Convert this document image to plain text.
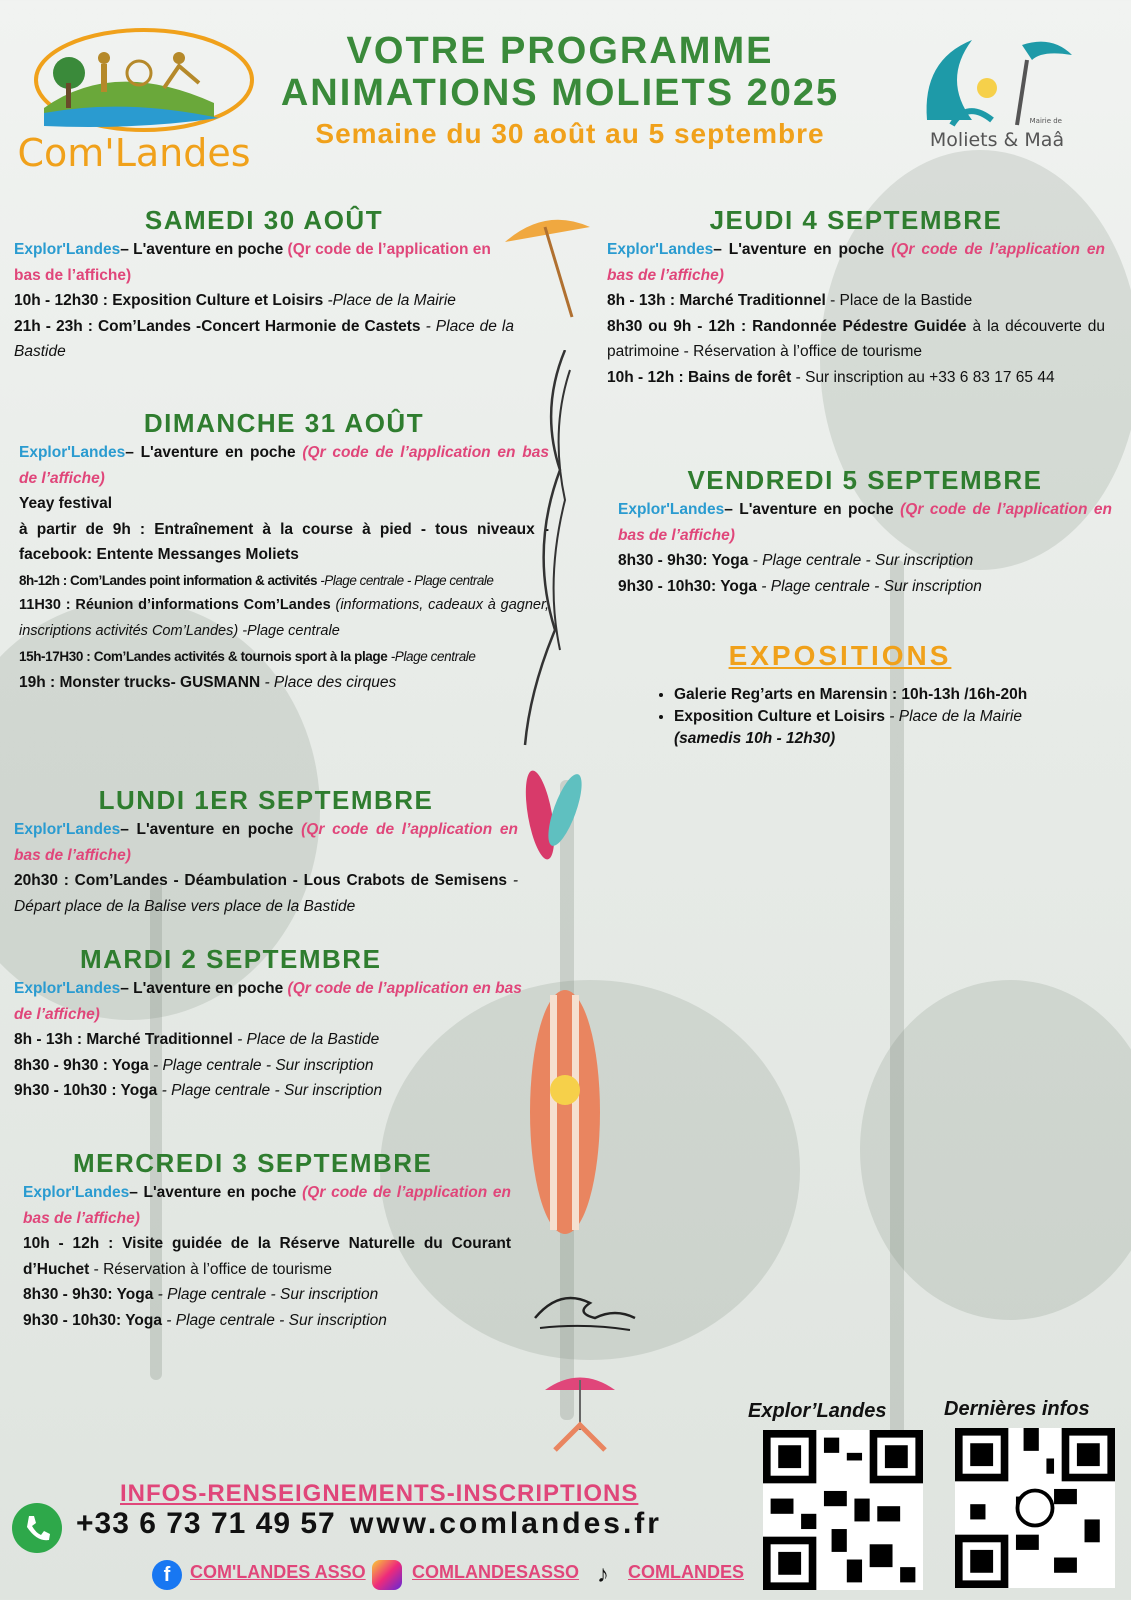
Com'Landes
VOTRE PROGRAMME
ANIMATIONS MOLIETS 2025
Semaine du 30 août au 5 septembre	Mairie de
Moliets & Maâ
SAMEDI 30 AOÛT

Explor'Landes– L'aventure en poche (Qr code de l’application en bas de l’affiche)

10h - 12h30 : Exposition Culture et Loisirs -Place de la Mairie

21h - 23h : Com’Landes -Concert Harmonie de Castets - Place de la Bastide

DIMANCHE 31 AOÛT

Explor'Landes– L'aventure en poche (Qr code de l’application en bas de l’affiche)

Yeay festival

à partir de 9h : Entraînement à la course à pied - tous niveaux - facebook: Entente Messanges Moliets

8h-12h : Com’Landes point information & activités -Plage centrale - Plage centrale

11H30 : Réunion d’informations Com’Landes (informations, cadeaux à gagner, inscriptions activités Com’Landes) -Plage centrale

15h-17H30 : Com’Landes activités & tournois sport à la plage -Plage centrale

19h : Monster trucks- GUSMANN - Place des cirques

LUNDI 1ER SEPTEMBRE

Explor'Landes– L'aventure en poche (Qr code de l’application en bas de l’affiche)

20h30 : Com’Landes - Déambulation - Lous Crabots de Semisens - Départ place de la Balise vers place de la Bastide

MARDI 2 SEPTEMBRE

Explor'Landes– L'aventure en poche (Qr code de l’application en bas de l’affiche)

8h - 13h : Marché Traditionnel - Place de la Bastide

8h30 - 9h30 : Yoga - Plage centrale - Sur inscription

9h30 - 10h30 : Yoga - Plage centrale - Sur inscription

MERCREDI 3 SEPTEMBRE

Explor'Landes– L'aventure en poche (Qr code de l’application en bas de l’affiche)

10h - 12h : Visite guidée de la Réserve Naturelle du Courant d’Huchet - Réservation à l’office de tourisme

8h30 - 9h30: Yoga - Plage centrale - Sur inscription

9h30 - 10h30: Yoga - Plage centrale - Sur inscription

JEUDI 4 SEPTEMBRE

Explor'Landes– L'aventure en poche (Qr code de l’application en bas de l’affiche)

8h - 13h : Marché Traditionnel - Place de la Bastide

8h30 ou 9h - 12h : Randonnée Pédestre Guidée à la découverte du patrimoine - Réservation à l’office de tourisme

10h - 12h : Bains de forêt - Sur inscription au +33 6 83 17 65 44

VENDREDI 5 SEPTEMBRE

Explor'Landes– L'aventure en poche (Qr code de l’application en bas de l’affiche)

8h30 - 9h30: Yoga - Plage centrale - Sur inscription

9h30 - 10h30: Yoga - Plage centrale - Sur inscription

EXPOSITIONS
• Galerie Reg’arts en Marensin : 10h-13h /16h-20h
• Exposition Culture et Loisirs - Place de la Mairie
(samedis 10h - 12h30)
INFOS-RENSEIGNEMENTS-INSCRIPTIONS
+33 6 73 71 49 57 www.comlandes.fr
f	COM'LANDES ASSO	COMLANDESASSO ♪	COMLANDES
Explor’Landes	Dernières infos
